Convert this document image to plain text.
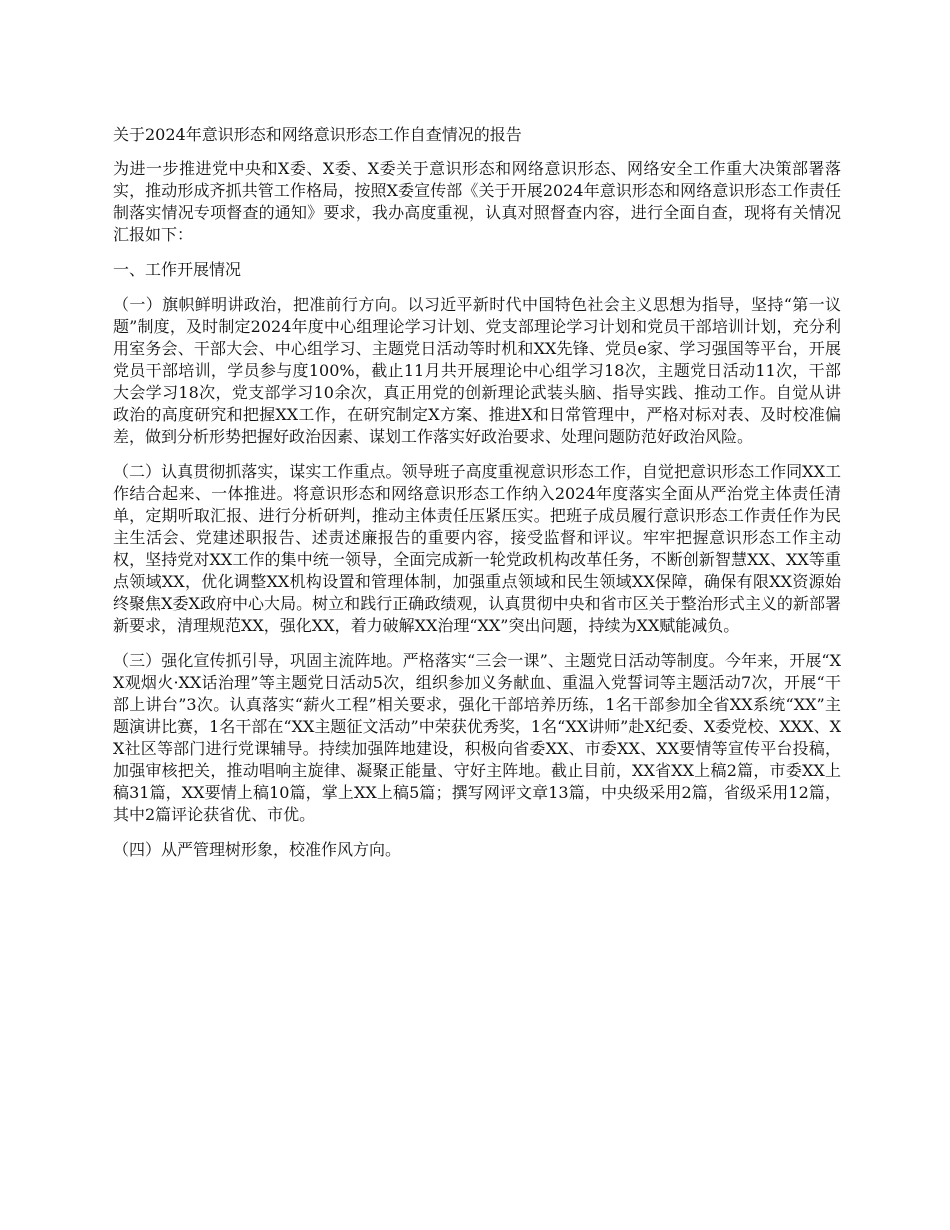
关于2024年意识形态和网络意识形态工作自查情况的报告
为进一步推进党中央和X委、X委、X委关于意识形态和网络意识形态、网络安全工作重大决策部署落实，推动形成齐抓共管工作格局，按照X委宣传部《关于开展2024年意识形态和网络意识形态工作责任制落实情况专项督查的通知》要求，我办高度重视，认真对照督查内容，进行全面自查，现将有关情况汇报如下：
一、工作开展情况
（一）旗帜鲜明讲政治，把准前行方向。以习近平新时代中国特色社会主义思想为指导，坚持“第一议题”制度，及时制定2024年度中心组理论学习计划、党支部理论学习计划和党员干部培训计划，充分利用室务会、干部大会、中心组学习、主题党日活动等时机和XX先锋、党员e家、学习强国等平台，开展党员干部培训，学员参与度100%，截止11月共开展理论中心组学习18次，主题党日活动11次，干部大会学习18次，党支部学习10余次，真正用党的创新理论武装头脑、指导实践、推动工作。自觉从讲政治的高度研究和把握XX工作，在研究制定X方案、推进X和日常管理中，严格对标对表、及时校准偏差，做到分析形势把握好政治因素、谋划工作落实好政治要求、处理问题防范好政治风险。
（二）认真贯彻抓落实，谋实工作重点。领导班子高度重视意识形态工作，自觉把意识形态工作同XX工作结合起来、一体推进。将意识形态和网络意识形态工作纳入2024年度落实全面从严治党主体责任清单，定期听取汇报、进行分析研判，推动主体责任压紧压实。把班子成员履行意识形态工作责任作为民主生活会、党建述职报告、述责述廉报告的重要内容，接受监督和评议。牢牢把握意识形态工作主动权，坚持党对XX工作的集中统一领导，全面完成新一轮党政机构改革任务，不断创新智慧XX、XX等重点领域XX，优化调整XX机构设置和管理体制，加强重点领域和民生领域XX保障，确保有限XX资源始终聚焦X委X政府中心大局。树立和践行正确政绩观，认真贯彻中央和省市区关于整治形式主义的新部署新要求，清理规范XX，强化XX，着力破解XX治理“XX”突出问题，持续为XX赋能减负。
（三）强化宣传抓引导，巩固主流阵地。严格落实“三会一课”、主题党日活动等制度。今年来，开展“XX观烟火·XX话治理”等主题党日活动5次，组织参加义务献血、重温入党誓词等主题活动7次，开展“干部上讲台”3次。认真落实“薪火工程”相关要求，强化干部培养历练，1名干部参加全省XX系统“XX”主题演讲比赛，1名干部在“XX主题征文活动”中荣获优秀奖，1名“XX讲师”赴X纪委、X委党校、XXX、XX社区等部门进行党课辅导。持续加强阵地建设，积极向省委XX、市委XX、XX要情等宣传平台投稿，加强审核把关，推动唱响主旋律、凝聚正能量、守好主阵地。截止目前，XX省XX上稿2篇，市委XX上稿31篇，XX要情上稿10篇，掌上XX上稿5篇；撰写网评文章13篇，中央级采用2篇，省级采用12篇，其中2篇评论获省优、市优。
（四）从严管理树形象，校准作风方向。
